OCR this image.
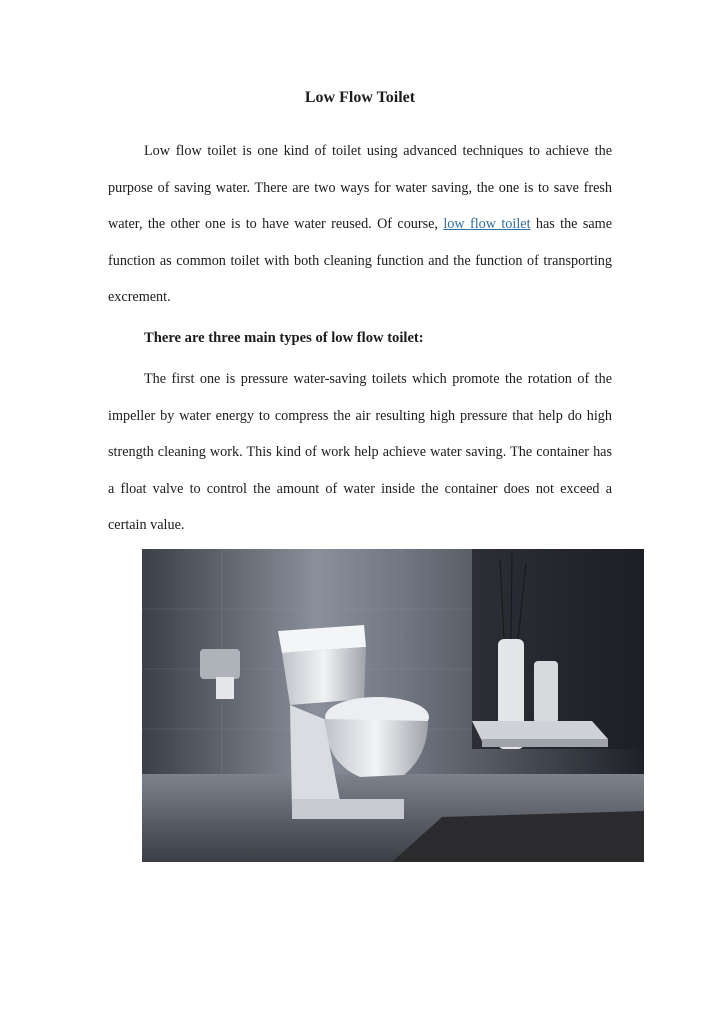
Low Flow Toilet

Low flow toilet is one kind of toilet using advanced techniques to achieve the purpose of saving water. There are two ways for water saving, the one is to save fresh water, the other one is to have water reused. Of course, low flow toilet has the same function as common toilet with both cleaning function and the function of transporting excrement.

There are three main types of low flow toilet:

The first one is pressure water-saving toilets which promote the rotation of the impeller by water energy to compress the air resulting high pressure that help do high strength cleaning work. This kind of work help achieve water saving. The container has a float valve to control the amount of water inside the container does not exceed a certain value.
